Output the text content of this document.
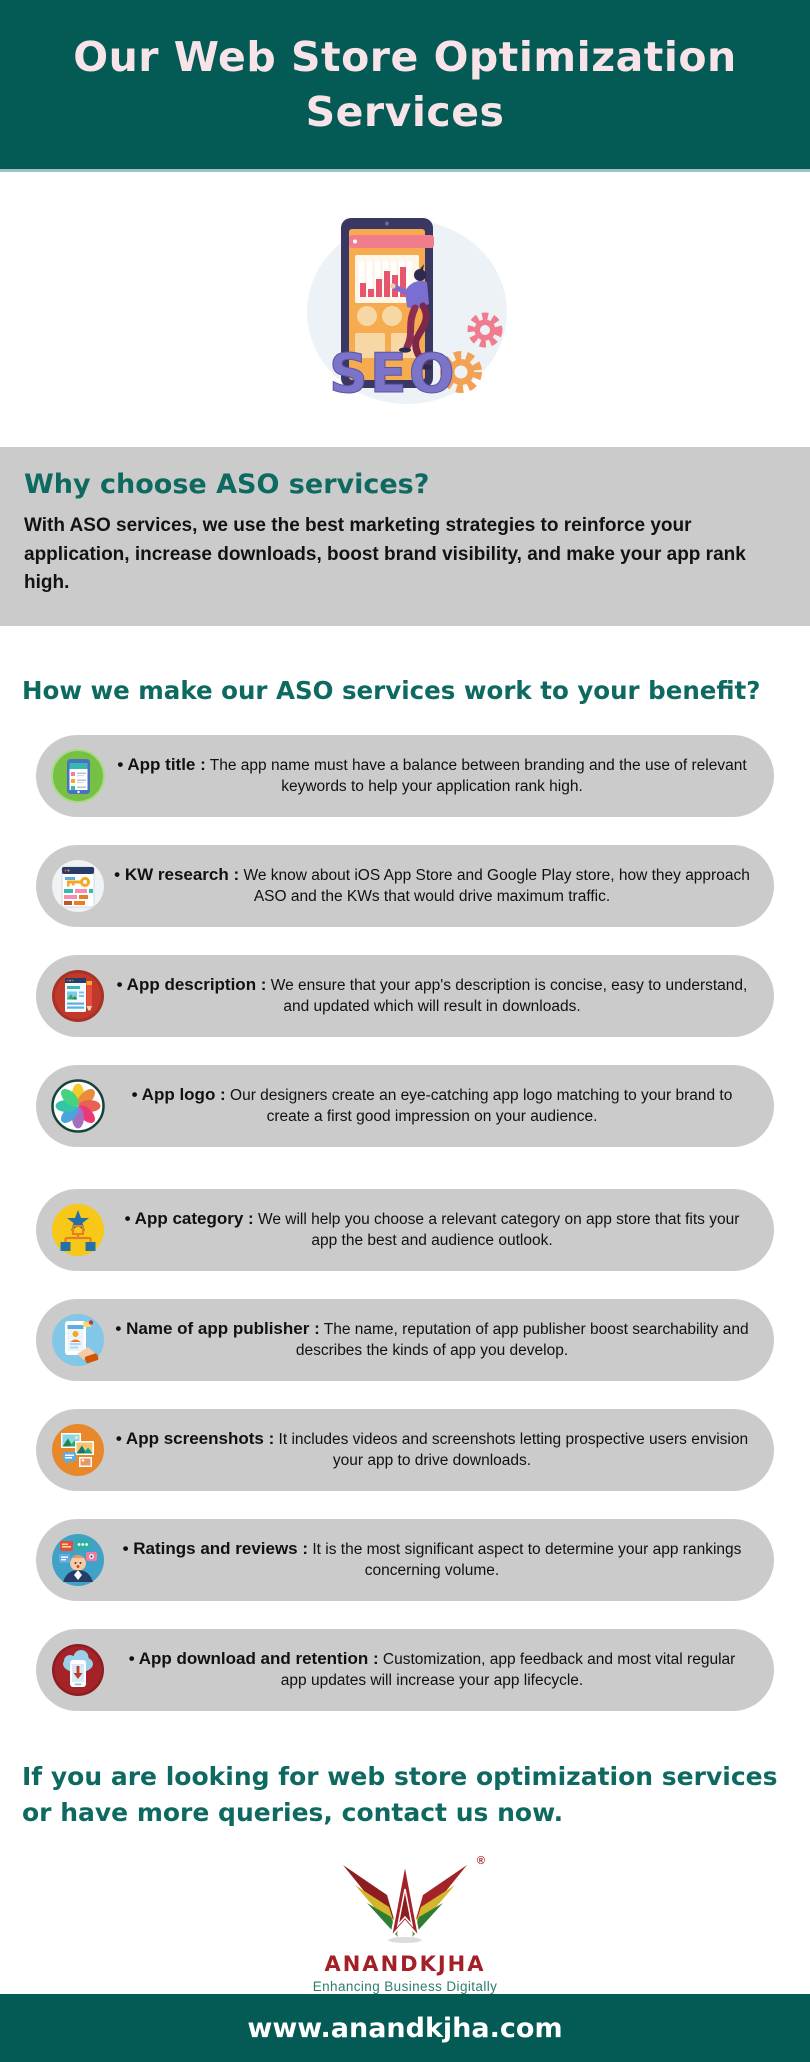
Our Web Store Optimization
Services
SEO
Why choose ASO services?

With ASO services, we use the best marketing strategies to reinforce your application, increase downloads, boost brand visibility, and make your app rank high.

How we make our ASO services work to your benefit?

• App title : The app name must have a balance between branding and the use of relevant keywords to help your application rank high.

• KW research : We know about iOS App Store and Google Play store, how they approach ASO and the KWs that would drive maximum traffic.

• App description : We ensure that your app's description is concise, easy to understand, and updated which will result in downloads.

• App logo : Our designers create an eye-catching app logo matching to your brand to create a first good impression on your audience.

• App category : We will help you choose a relevant category on app store that fits your app the best and audience outlook.

• Name of app publisher : The name, reputation of app publisher boost searchability and describes the kinds of app you develop.

• App screenshots : It includes videos and screenshots letting prospective users envision your app to drive downloads.

• Ratings and reviews : It is the most significant aspect to determine your app rankings concerning volume.

• App download and retention : Customization, app feedback and most vital regular app updates will increase your app lifecycle.

If you are looking for web store optimization services
or have more queries, contact us now.
®
ANANDKJHA
Enhancing Business Digitally
www.anandkjha.com
